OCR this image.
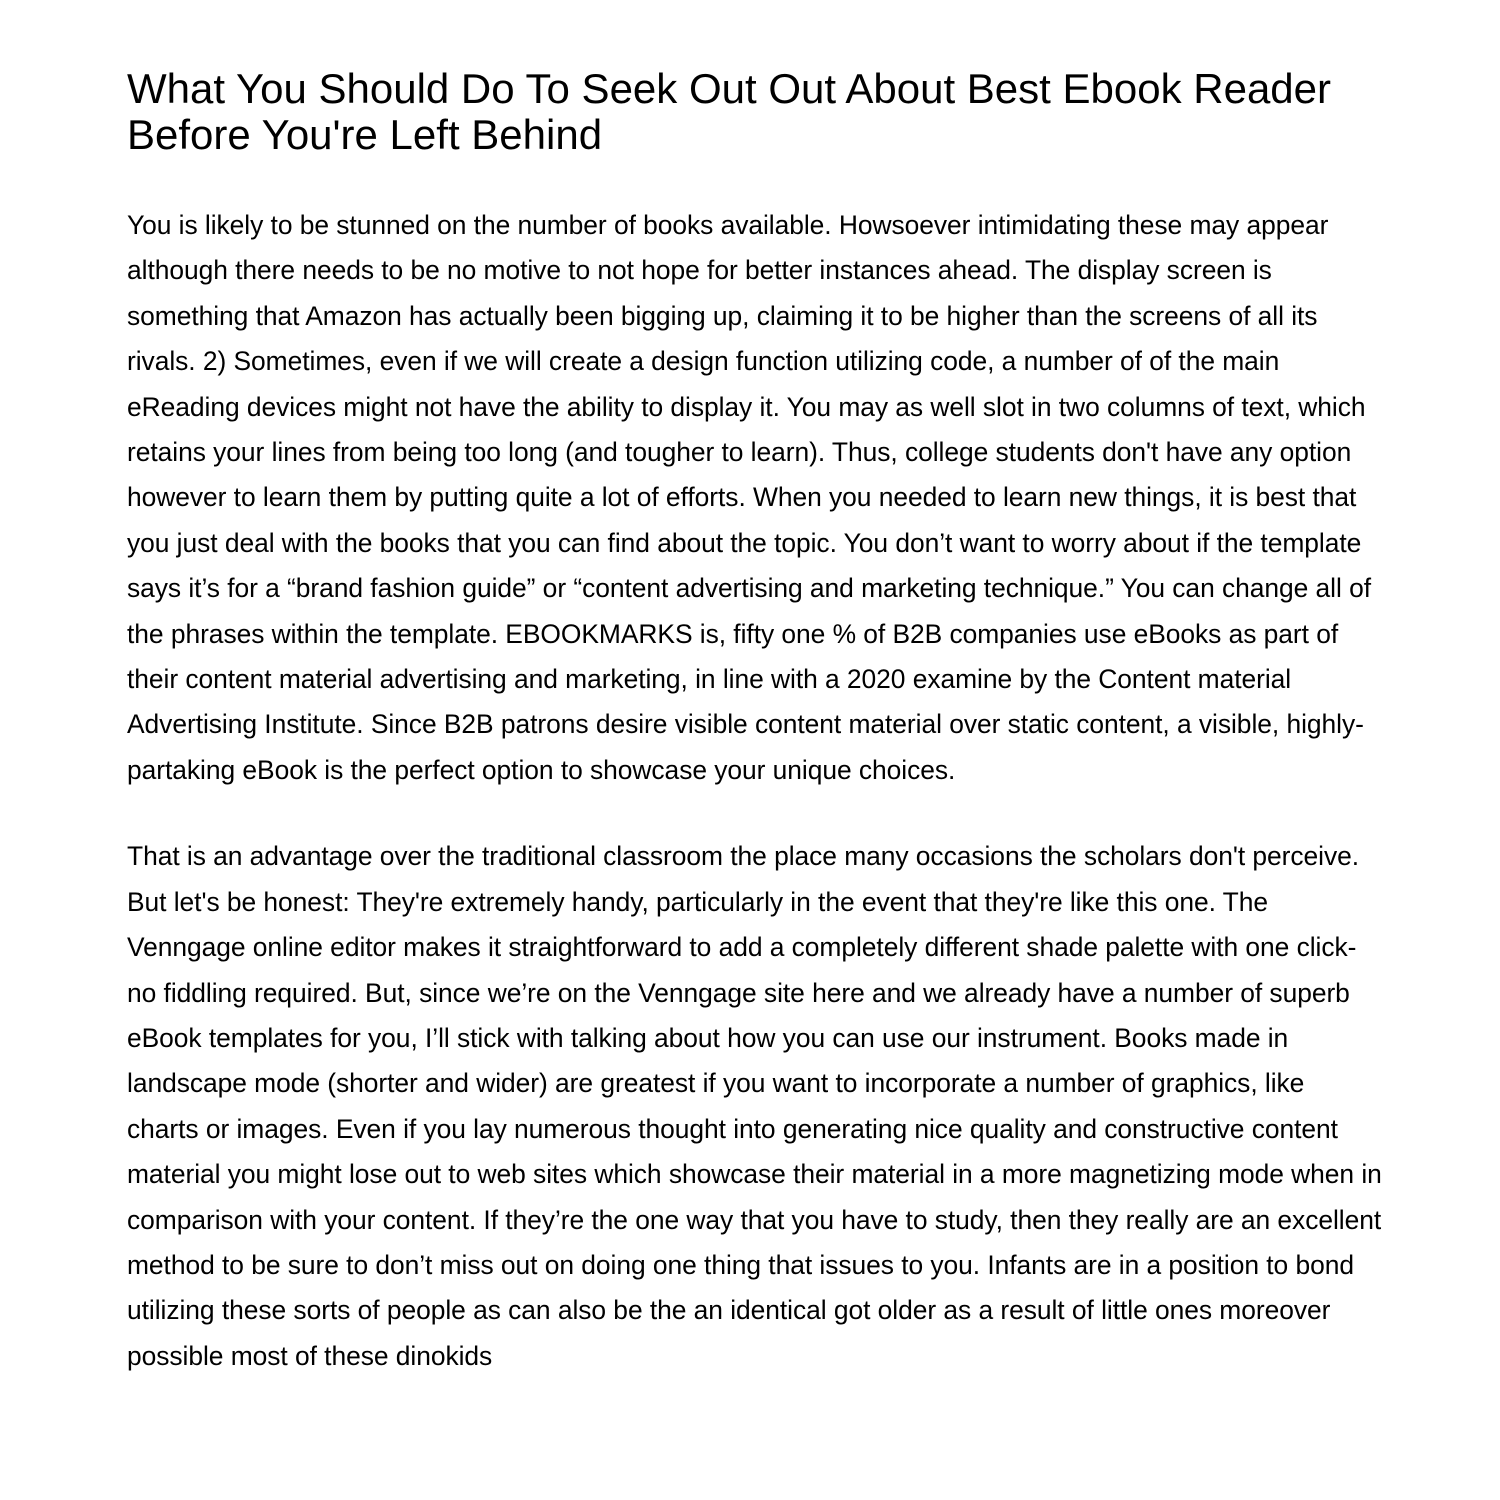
What You Should Do To Seek Out Out About Best Ebook Reader Before You're Left Behind

You is likely to be stunned on the number of books available. Howsoever intimidating these may appear although there needs to be no motive to not hope for better instances ahead. The display screen is something that Amazon has actually been bigging up, claiming it to be higher than the screens of all its rivals. 2) Sometimes, even if we will create a design function utilizing code, a number of of the main eReading devices might not have the ability to display it. You may as well slot in two columns of text, which retains your lines from being too long (and tougher to learn). Thus, college students don't have any option however to learn them by putting quite a lot of efforts. When you needed to learn new things, it is best that you just deal with the books that you can find about the topic. You don’t want to worry about if the template says it’s for a “brand fashion guide” or “content advertising and marketing technique.” You can change all of the phrases within the template. EBOOKMARKS is, fifty one % of B2B companies use eBooks as part of their content material advertising and marketing, in line with a 2020 examine by the Content material Advertising Institute. Since B2B patrons desire visible content material over static content, a visible, highly-partaking eBook is the perfect option to showcase your unique choices.

That is an advantage over the traditional classroom the place many occasions the scholars don't perceive. But let's be honest: They're extremely handy, particularly in the event that they're like this one. The Venngage online editor makes it straightforward to add a completely different shade palette with one click-no fiddling required. But, since we’re on the Venngage site here and we already have a number of superb eBook templates for you, I’ll stick with talking about how you can use our instrument. Books made in landscape mode (shorter and wider) are greatest if you want to incorporate a number of graphics, like charts or images. Even if you lay numerous thought into generating nice quality and constructive content material you might lose out to web sites which showcase their material in a more magnetizing mode when in comparison with your content. If they’re the one way that you have to study, then they really are an excellent method to be sure to don’t miss out on doing one thing that issues to you. Infants are in a position to bond utilizing these sorts of people as can also be the an identical got older as a result of little ones moreover possible most of these dinokids
